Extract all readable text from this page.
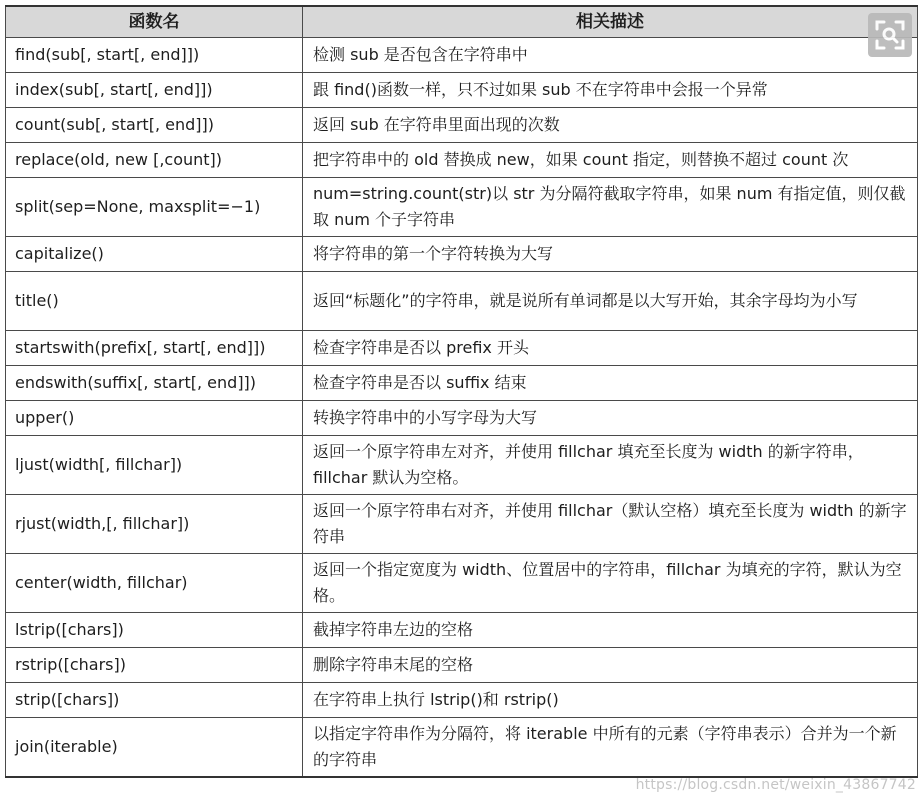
函数名	相关描述
find(sub[, start[, end]])	检测 sub 是否包含在字符串中
index(sub[, start[, end]])	跟 find()函数一样，只不过如果 sub 不在字符串中会报一个异常
count(sub[, start[, end]])	返回 sub 在字符串里面出现的次数
replace(old, new [,count])	把字符串中的 old 替换成 new，如果 count 指定，则替换不超过 count 次
split(sep=None, maxsplit=−1)	num=string.count(str)以 str 为分隔符截取字符串，如果 num 有指定值，则仅截取 num 个子字符串
capitalize()	将字符串的第一个字符转换为大写
title()	返回“标题化”的字符串，就是说所有单词都是以大写开始，其余字母均为小写
startswith(prefix[, start[, end]])	检查字符串是否以 prefix 开头
endswith(suffix[, start[, end]])	检查字符串是否以 suffix 结束
upper()	转换字符串中的小写字母为大写
ljust(width[, fillchar])	返回一个原字符串左对齐，并使用 fillchar 填充至长度为 width 的新字符串，fillchar 默认为空格。
rjust(width,[, fillchar])	返回一个原字符串右对齐，并使用 fillchar（默认空格）填充至长度为 width 的新字符串
center(width, fillchar)	返回一个指定宽度为 width、位置居中的字符串，fillchar 为填充的字符，默认为空格。
lstrip([chars])	截掉字符串左边的空格
rstrip([chars])	删除字符串末尾的空格
strip([chars])	在字符串上执行 lstrip()和 rstrip()
join(iterable)	以指定字符串作为分隔符，将 iterable 中所有的元素（字符串表示）合并为一个新的字符串
https://blog.csdn.net/weixin_43867742
